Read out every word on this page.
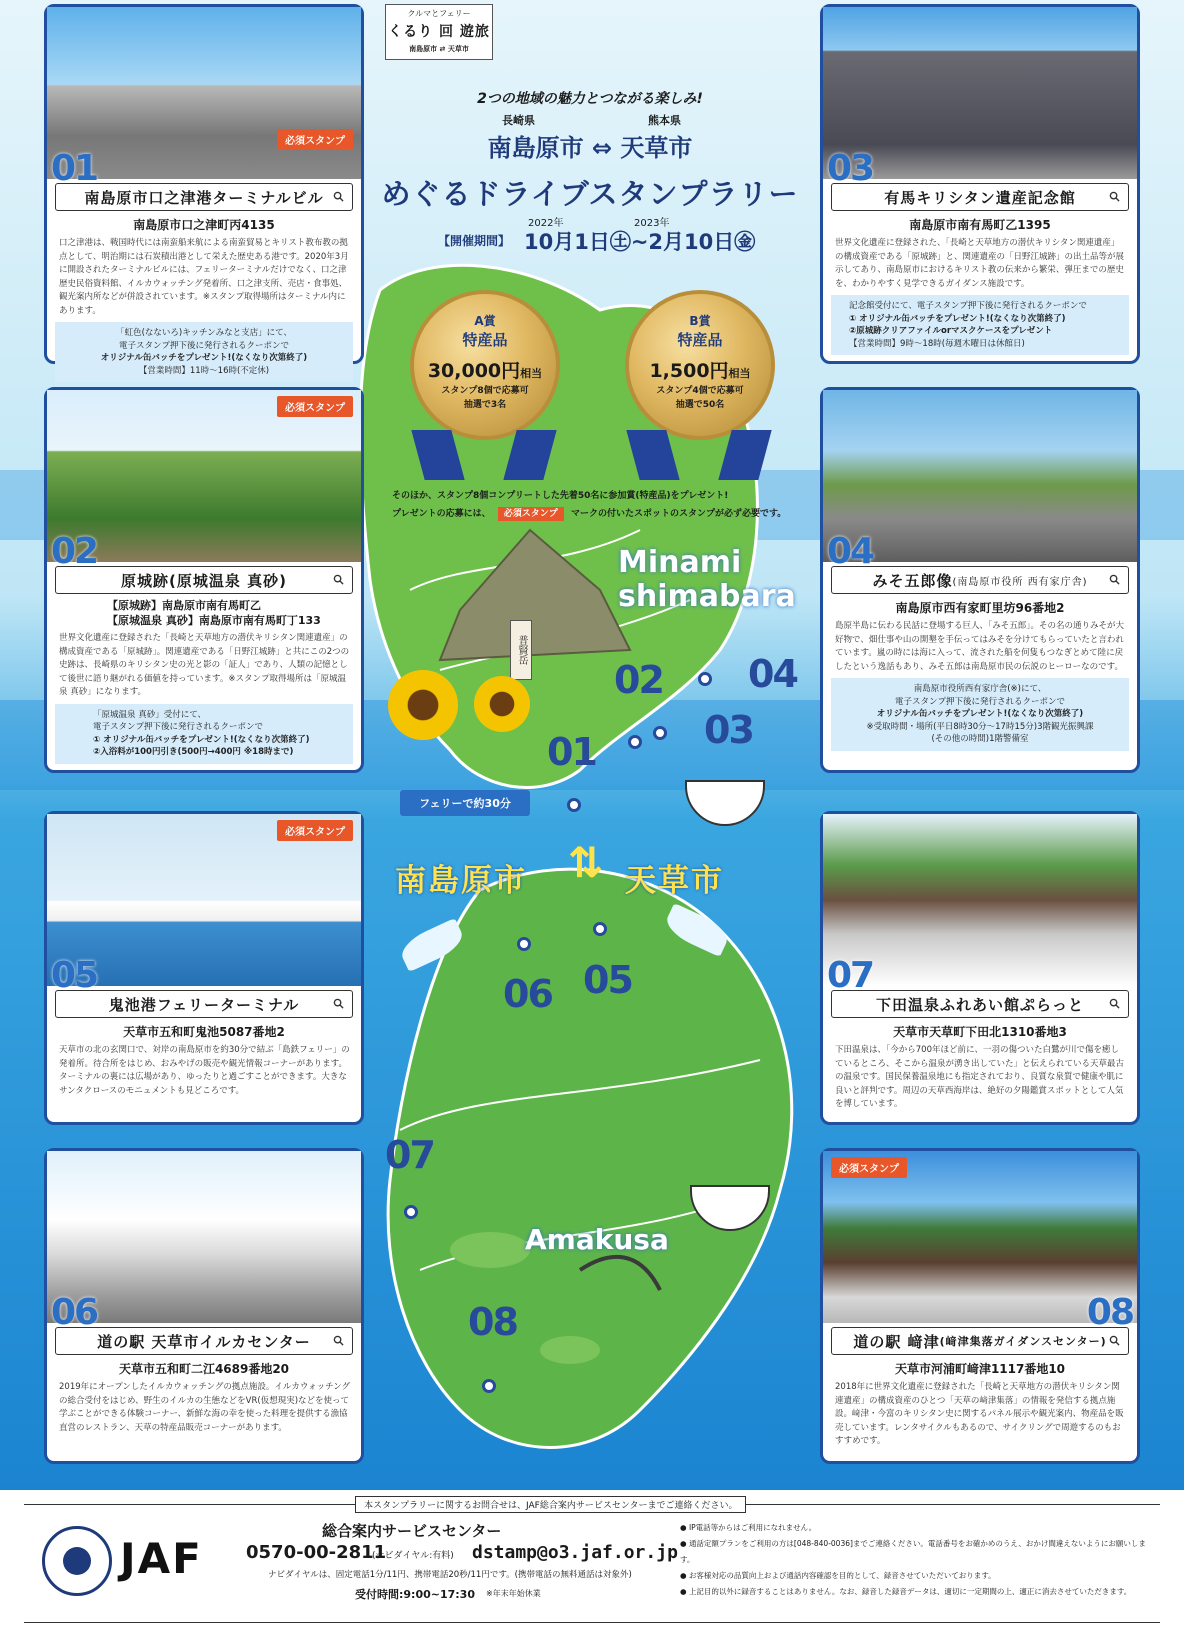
普賢岳
Minami shimabara
Amakusa
フェリーで約30分
南島原市	天草市
⇅
01
02
03
04
05
06
07
08
クルマとフェリー
くるり 回 遊旅
南島原市 ⇄ 天草市
2つの地域の魅力とつながる楽しみ!
長崎県	熊本県
南島原市 ⇔ 天草市
めぐるドライブスタンプラリー
2022年	2023年
【開催期間】 10月1日㊏~2月10日㊎
A賞
特産品
30,000円相当
スタンプ8個で応募可
抽選で3名
B賞
特産品
1,500円相当
スタンプ4個で応募可
抽選で50名
そのほか、スタンプ8個コンプリートした先着50名に参加賞(特産品)をプレゼント!
プレゼントの応募には、 必須スタンプ マークの付いたスポットのスタンプが必ず必要です。
必須スタンプ
01
南島原市口之津港ターミナルビル
南島原市口之津町丙4135
口之津港は、戦国時代には南蛮船来航による南蛮貿易とキリスト教布教の拠点として、明治期には石炭積出港として栄えた歴史ある港です。2020年3月に開設されたターミナルビルには、フェリーターミナルだけでなく、口之津歴史民俗資料館、イルカウォッチング発着所、口之津支所、売店・食事処、観光案内所などが併設されています。※スタンプ取得場所はターミナル内にあります。
「虹色(なないろ)キッチンみなと支店」にて、
電子スタンプ押下後に発行されるクーポンで
オリジナル缶バッチをプレゼント!(なくなり次第終了)
【営業時間】11時～16時(不定休)
必須スタンプ
02
原城跡(原城温泉 真砂)
【原城跡】南島原市南有馬町乙
【原城温泉 真砂】南島原市南有馬町丁133
世界文化遺産に登録された「長崎と天草地方の潜伏キリシタン関連遺産」の構成資産である「原城跡」。関連遺産である「日野江城跡」と共にこの2つの史跡は、長崎県のキリシタン史の光と影の「証人」であり、人類の記憶として後世に語り継がれる価値を持っています。※スタンプ取得場所は「原城温泉 真砂」になります。
「原城温泉 真砂」受付にて、
電子スタンプ押下後に発行されるクーポンで
① オリジナル缶バッチをプレゼント!(なくなり次第終了)
②入浴料が100円引き(500円→400円 ※18時まで)
必須スタンプ
05
鬼池港フェリーターミナル
天草市五和町鬼池5087番地2
天草市の北の玄関口で、対岸の南島原市を約30分で結ぶ「島鉄フェリー」の発着所。待合所をはじめ、おみやげの販売や観光情報コーナーがあります。ターミナルの裏には広場があり、ゆったりと過ごすことができます。大きなサンタクロースのモニュメントも見どころです。
06
道の駅 天草市イルカセンター
天草市五和町二江4689番地20
2019年にオープンしたイルカウォッチングの拠点施設。イルカウォッチングの総合受付をはじめ、野生のイルカの生態などをVR(仮想現実)などを使って学ぶことができる体験コーナー、新鮮な海の幸を使った料理を提供する漁協直営のレストラン、天草の特産品販売コーナーがあります。
03
有馬キリシタン遺産記念館
南島原市南有馬町乙1395
世界文化遺産に登録された、「長崎と天草地方の潜伏キリシタン関連遺産」の構成資産である「原城跡」と、関連遺産の「日野江城跡」の出土品等が展示してあり、南島原市におけるキリスト教の伝来から繁栄、弾圧までの歴史を、わかりやすく見学できるガイダンス施設です。
記念館受付にて、電子スタンプ押下後に発行されるクーポンで
① オリジナル缶バッチをプレゼント!(なくなり次第終了)
②原城跡クリアファイルorマスクケースをプレゼント
【営業時間】9時～18時(毎週木曜日は休館日)
04
みそ五郎像 (南島原市役所 西有家庁舎)
南島原市西有家町里坊96番地2
島原半島に伝わる民話に登場する巨人、「みそ五郎」。その名の通りみそが大好物で、畑仕事や山の開墾を手伝ってはみそを分けてもらっていたと言われています。嵐の時には海に入って、流された船を何隻もつなぎとめて陸に戻したという逸話もあり、みそ五郎は南島原市民の伝説のヒーローなのです。
南島原市役所西有家庁舎(※)にて、
電子スタンプ押下後に発行されるクーポンで
オリジナル缶バッチをプレゼント!(なくなり次第終了)
※受取時間・場所(平日8時30分～17時15分)3階観光振興課
(その他の時間)1階警備室
07
下田温泉ふれあい館ぷらっと
天草市天草町下田北1310番地3
下田温泉は、「今から700年ほど前に、一羽の傷ついた白鷺が川で傷を癒しているところ、そこから温泉が湧き出していた」と伝えられている天草最古の温泉です。国民保養温泉地にも指定されており、良質な泉質で健康や肌に良いと評判です。周辺の天草西海岸は、絶好の夕陽鑑賞スポットとして人気を博しています。
必須スタンプ
08
道の駅 﨑津 (﨑津集落ガイダンスセンター)
天草市河浦町﨑津1117番地10
2018年に世界文化遺産に登録された「長崎と天草地方の潜伏キリシタン関連遺産」の構成資産のひとつ「天草の﨑津集落」の情報を発信する拠点施設。﨑津・今富のキリシタン史に関するパネル展示や観光案内、物産品を販売しています。レンタサイクルもあるので、サイクリングで周遊するのもおすすめです。
本スタンプラリーに関するお問合せは、JAF総合案内サービスセンターまでご連絡ください。
JAF
総合案内サービスセンター
0570-00-2811
(ナビダイヤル:有料) dstamp@o3.jaf.or.jp
ナビダイヤルは、固定電話1分/11円、携帯電話20秒/11円です。(携帯電話の無料通話は対象外)
受付時間:9:00~17:30 ※年末年始休業
● IP電話等からはご利用になれません。
● 通話定額プランをご利用の方は[048-840-0036]までご連絡ください。電話番号をお確かめのうえ、おかけ間違えないようにお願いします。
● お客様対応の品質向上および通話内容確認を目的として、録音させていただいております。
● 上記目的以外に録音することはありません。なお、録音した録音データは、適切に一定期間の上、適正に消去させていただきます。
